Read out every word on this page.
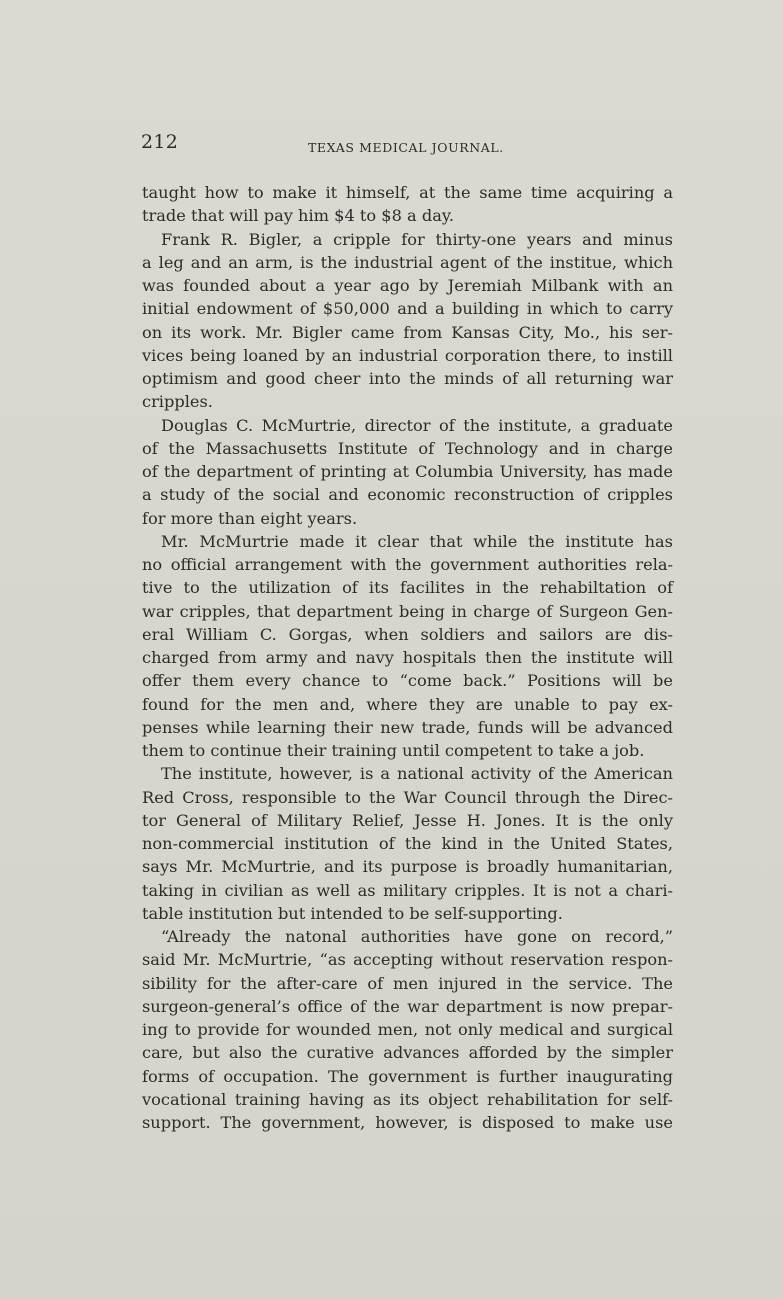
212	TEXAS MEDICAL JOURNAL.
taught how to make it himself, at the same time acquiring a
trade that will pay him $4 to $8 a day.
Frank R. Bigler, a cripple for thirty-one years and minus
a leg and an arm, is the industrial agent of the institue, which
was founded about a year ago by Jeremiah Milbank with an
initial endowment of $50,000 and a building in which to carry
on its work. Mr. Bigler came from Kansas City, Mo., his ser-
vices being loaned by an industrial corporation there, to instill
optimism and good cheer into the minds of all returning war
cripples.
Douglas C. McMurtrie, director of the institute, a graduate
of the Massachusetts Institute of Technology and in charge
of the department of printing at Columbia University, has made
a study of the social and economic reconstruction of cripples
for more than eight years.
Mr. McMurtrie made it clear that while the institute has
no official arrangement with the government authorities rela-
tive to the utilization of its facilites in the rehabiltation of
war cripples, that department being in charge of Surgeon Gen-
eral William C. Gorgas, when soldiers and sailors are dis-
charged from army and navy hospitals then the institute will
offer them every chance to “come back.” Positions will be
found for the men and, where they are unable to pay ex-
penses while learning their new trade, funds will be advanced
them to continue their training until competent to take a job.
The institute, however, is a national activity of the American
Red Cross, responsible to the War Council through the Direc-
tor General of Military Relief, Jesse H. Jones. It is the only
non-commercial institution of the kind in the United States,
says Mr. McMurtrie, and its purpose is broadly humanitarian,
taking in civilian as well as military cripples. It is not a chari-
table institution but intended to be self-supporting.
“Already the natonal authorities have gone on record,”
said Mr. McMurtrie, “as accepting without reservation respon-
sibility for the after-care of men injured in the service. The
surgeon-general’s office of the war department is now prepar-
ing to provide for wounded men, not only medical and surgical
care, but also the curative advances afforded by the simpler
forms of occupation. The government is further inaugurating
vocational training having as its object rehabilitation for self-
support. The government, however, is disposed to make use
